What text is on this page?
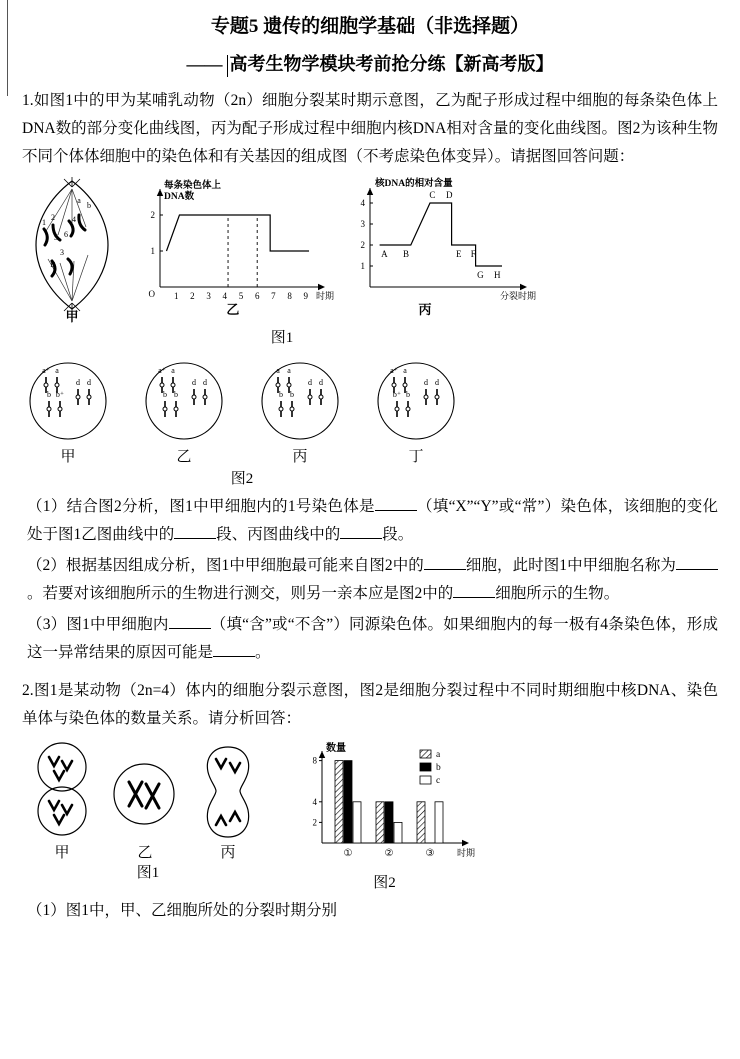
专题5 遗传的细胞学基础（非选择题）
—— 高考生物学模块考前抢分练【新高考版】

1.如图1中的甲为某哺乳动物（2n）细胞分裂某时期示意图，乙为配子形成过程中细胞的每条染色体上DNA数的部分变化曲线图，丙为配子形成过程中细胞内核DNA相对含量的变化曲线图。图2为该种生物不同个体体细胞中的染色体和有关基因的组成图（不考虑染色体变异）。请据图回答问题：

a
b
1
2 4
5 6
3
B
甲
1
2
1 2 3 4 5 6 7 8 9
每条染色体上
DNA数
时期
O
乙
1
2
3
4
核DNA的相对含量
分裂时期
A B
C D
E F
G H
丙
图1
a⁺ a
b b⁺
d d
甲
a⁺ a
b b
d d
乙
a a
b b
d d
丙
a⁺ a
b⁺ b
d d
丁
图2

（1）结合图2分析，图1中甲细胞内的1号染色体是	（填“X”“Y”或“常”）染色体，该细胞的变化处于图1乙图曲线中的	段、丙图曲线中的	段。

（2）根据基因组成分析，图1中甲细胞最可能来自图2中的	细胞，此时图1中甲细胞名称为。若要对该细胞所示的生物进行测交，则另一亲本应是图2中的	细胞所示的生物。

（3）图1中甲细胞内	（填“含”或“不含”）同源染色体。如果细胞内的每一极有4条染色体，形成这一异常结果的原因可能是	。

2.图1是某动物（2n=4）体内的细胞分裂示意图，图2是细胞分裂过程中不同时期细胞中核DNA、染色单体与染色体的数量关系。请分析回答：

甲	乙	丙
图1
2
4
8
数量
时期
①	②	③
a
b
c
图2

（1）图1中，甲、乙细胞所处的分裂时期分别
